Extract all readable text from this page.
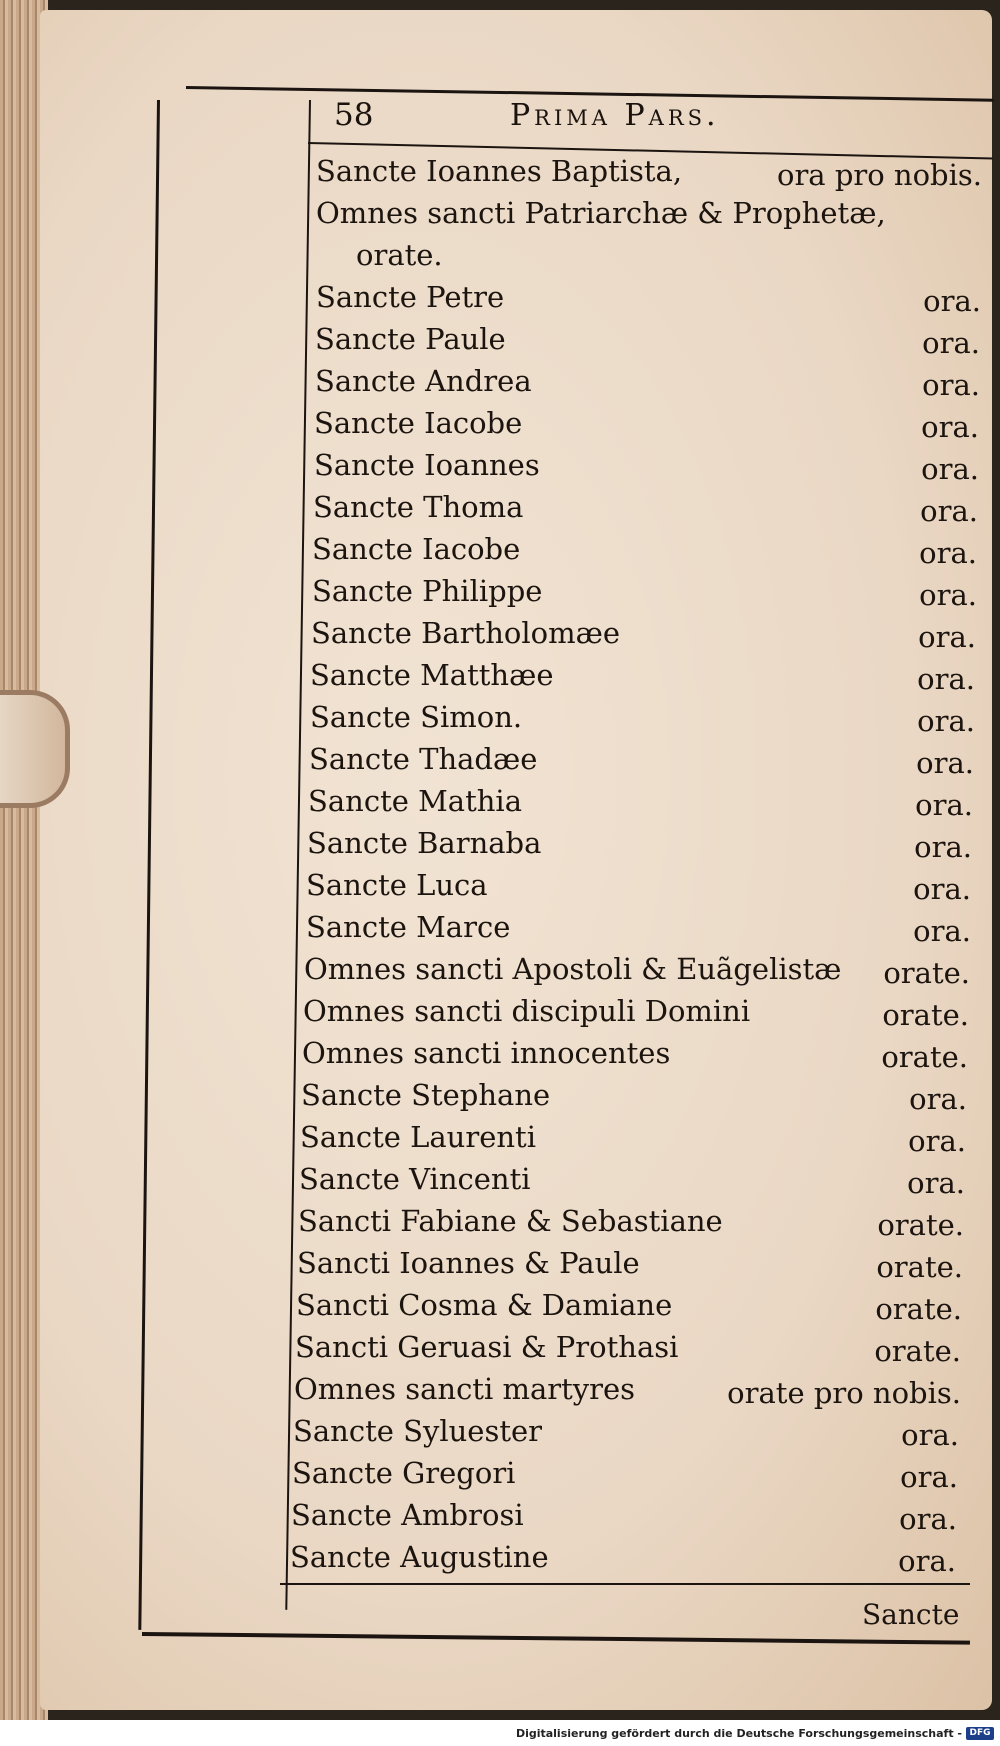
58	Prima Pars.
Sancte Ioannes Baptista,	ora pro nobis.
Omnes sancti Patriarchæ & Prophetæ,
orate.
Sancte Petre	ora.
Sancte Paule	ora.
Sancte Andrea	ora.
Sancte Iacobe	ora.
Sancte Ioannes	ora.
Sancte Thoma	ora.
Sancte Iacobe	ora.
Sancte Philippe	ora.
Sancte Bartholomæe	ora.
Sancte Matthæe	ora.
Sancte Simon.	ora.
Sancte Thadæe	ora.
Sancte Mathia	ora.
Sancte Barnaba	ora.
Sancte Luca	ora.
Sancte Marce	ora.
Omnes sancti Apostoli & Euãgelistæ orate.
Omnes sancti discipuli Domini	orate.
Omnes sancti innocentes	orate.
Sancte Stephane	ora.
Sancte Laurenti	ora.
Sancte Vincenti	ora.
Sancti Fabiane & Sebastiane	orate.
Sancti Ioannes & Paule	orate.
Sancti Cosma & Damiane	orate.
Sancti Geruasi & Prothasi	orate.
Omnes sancti martyres	orate pro nobis.
Sancte Syluester	ora.
Sancte Gregori	ora.
Sancte Ambrosi	ora.
Sancte Augustine	ora.
Sancte
Digitalisierung gefördert durch die Deutsche Forschungsgemeinschaft - DFG
